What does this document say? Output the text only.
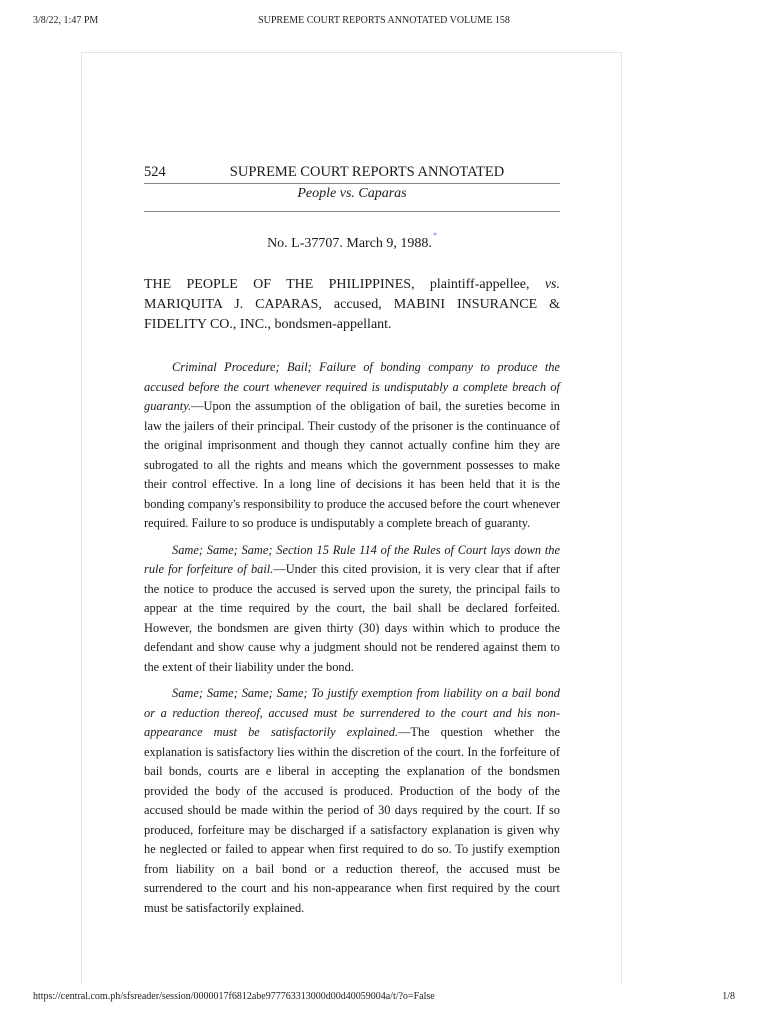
3/8/22, 1:47 PM	SUPREME COURT REPORTS ANNOTATED VOLUME 158
524	SUPREME COURT REPORTS ANNOTATED
People vs. Caparas
No. L-37707. March 9, 1988.*
THE PEOPLE OF THE PHILIPPINES, plaintiff-appellee, vs. MARIQUITA J. CAPARAS, accused, MABINI INSURANCE & FIDELITY CO., INC., bondsmen-appellant.

Criminal Procedure; Bail; Failure of bonding company to produce the accused before the court whenever required is undisputably a complete breach of guaranty.—Upon the assumption of the obligation of bail, the sureties become in law the jailers of their principal. Their custody of the prisoner is the continuance of the original imprisonment and though they cannot actually confine him they are subrogated to all the rights and means which the government possesses to make their control effective. In a long line of decisions it has been held that it is the bonding company's responsibility to produce the accused before the court whenever required. Failure to so produce is undisputably a complete breach of guaranty.

Same; Same; Same; Section 15 Rule 114 of the Rules of Court lays down the rule for forfeiture of bail.—Under this cited provision, it is very clear that if after the notice to produce the accused is served upon the surety, the principal fails to appear at the time required by the court, the bail shall be declared forfeited. However, the bondsmen are given thirty (30) days within which to produce the defendant and show cause why a judgment should not be rendered against them to the extent of their liability under the bond.

Same; Same; Same; Same; To justify exemption from liability on a bail bond or a reduction thereof, accused must be surrendered to the court and his non-appearance must be satisfactorily explained.—The question whether the explanation is satisfactory lies within the discretion of the court. In the forfeiture of bail bonds, courts are e liberal in accepting the explanation of the bondsmen provided the body of the accused is produced. Production of the body of the accused should be made within the period of 30 days required by the court. If so produced, forfeiture may be discharged if a satisfactory explanation is given why he neglected or failed to appear when first required to do so. To justify exemption from liability on a bail bond or a reduction thereof, the accused must be surrendered to the court and his non-appearance when first required by the court must be satisfactorily explained.

https://central.com.ph/sfsreader/session/0000017f6812abe977763313000d00d40059004a/t/?o=False	1/8
